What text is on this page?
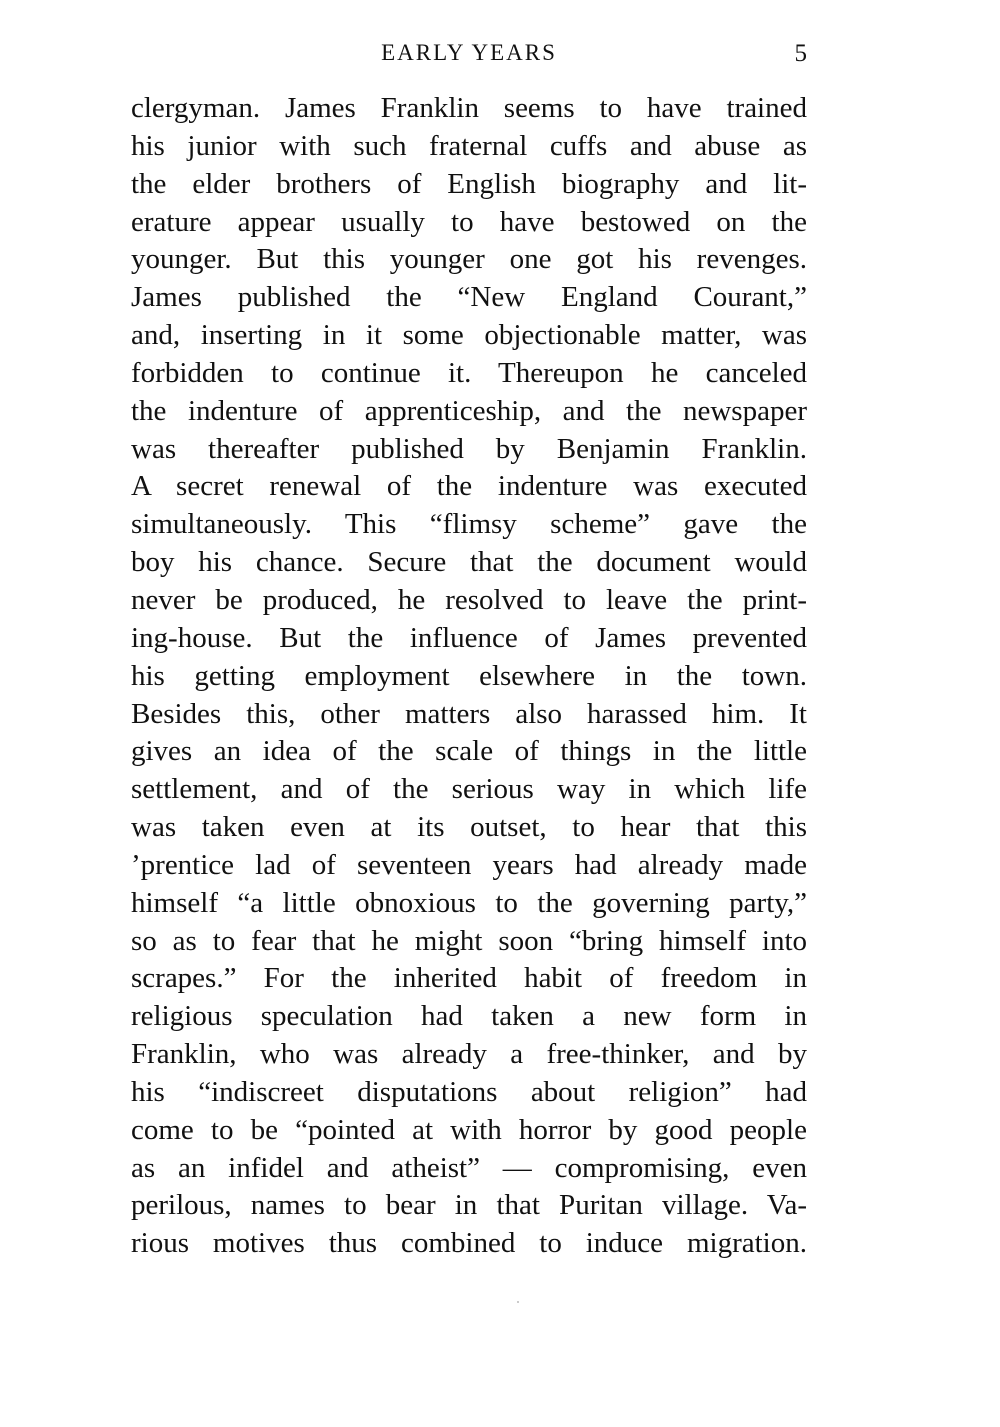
EARLY YEARS	5
clergyman. James Franklin seems to have trained
his junior with such fraternal cuffs and abuse as
the elder brothers of English biography and lit-
erature appear usually to have bestowed on the
younger. But this younger one got his revenges.
James published the “New England Courant,”
and, inserting in it some objectionable matter, was
forbidden to continue it. Thereupon he canceled
the indenture of apprenticeship, and the newspaper
was thereafter published by Benjamin Franklin.
A secret renewal of the indenture was executed
simultaneously. This “flimsy scheme” gave the
boy his chance. Secure that the document would
never be produced, he resolved to leave the print-
ing-house. But the influence of James prevented
his getting employment elsewhere in the town.
Besides this, other matters also harassed him. It
gives an idea of the scale of things in the little
settlement, and of the serious way in which life
was taken even at its outset, to hear that this
’prentice lad of seventeen years had already made
himself “a little obnoxious to the governing party,”
so as to fear that he might soon “bring himself into
scrapes.” For the inherited habit of freedom in
religious speculation had taken a new form in
Franklin, who was already a free-thinker, and by
his “indiscreet disputations about religion” had
come to be “pointed at with horror by good people
as an infidel and atheist” — compromising, even
perilous, names to bear in that Puritan village. Va-
rious motives thus combined to induce migration.
